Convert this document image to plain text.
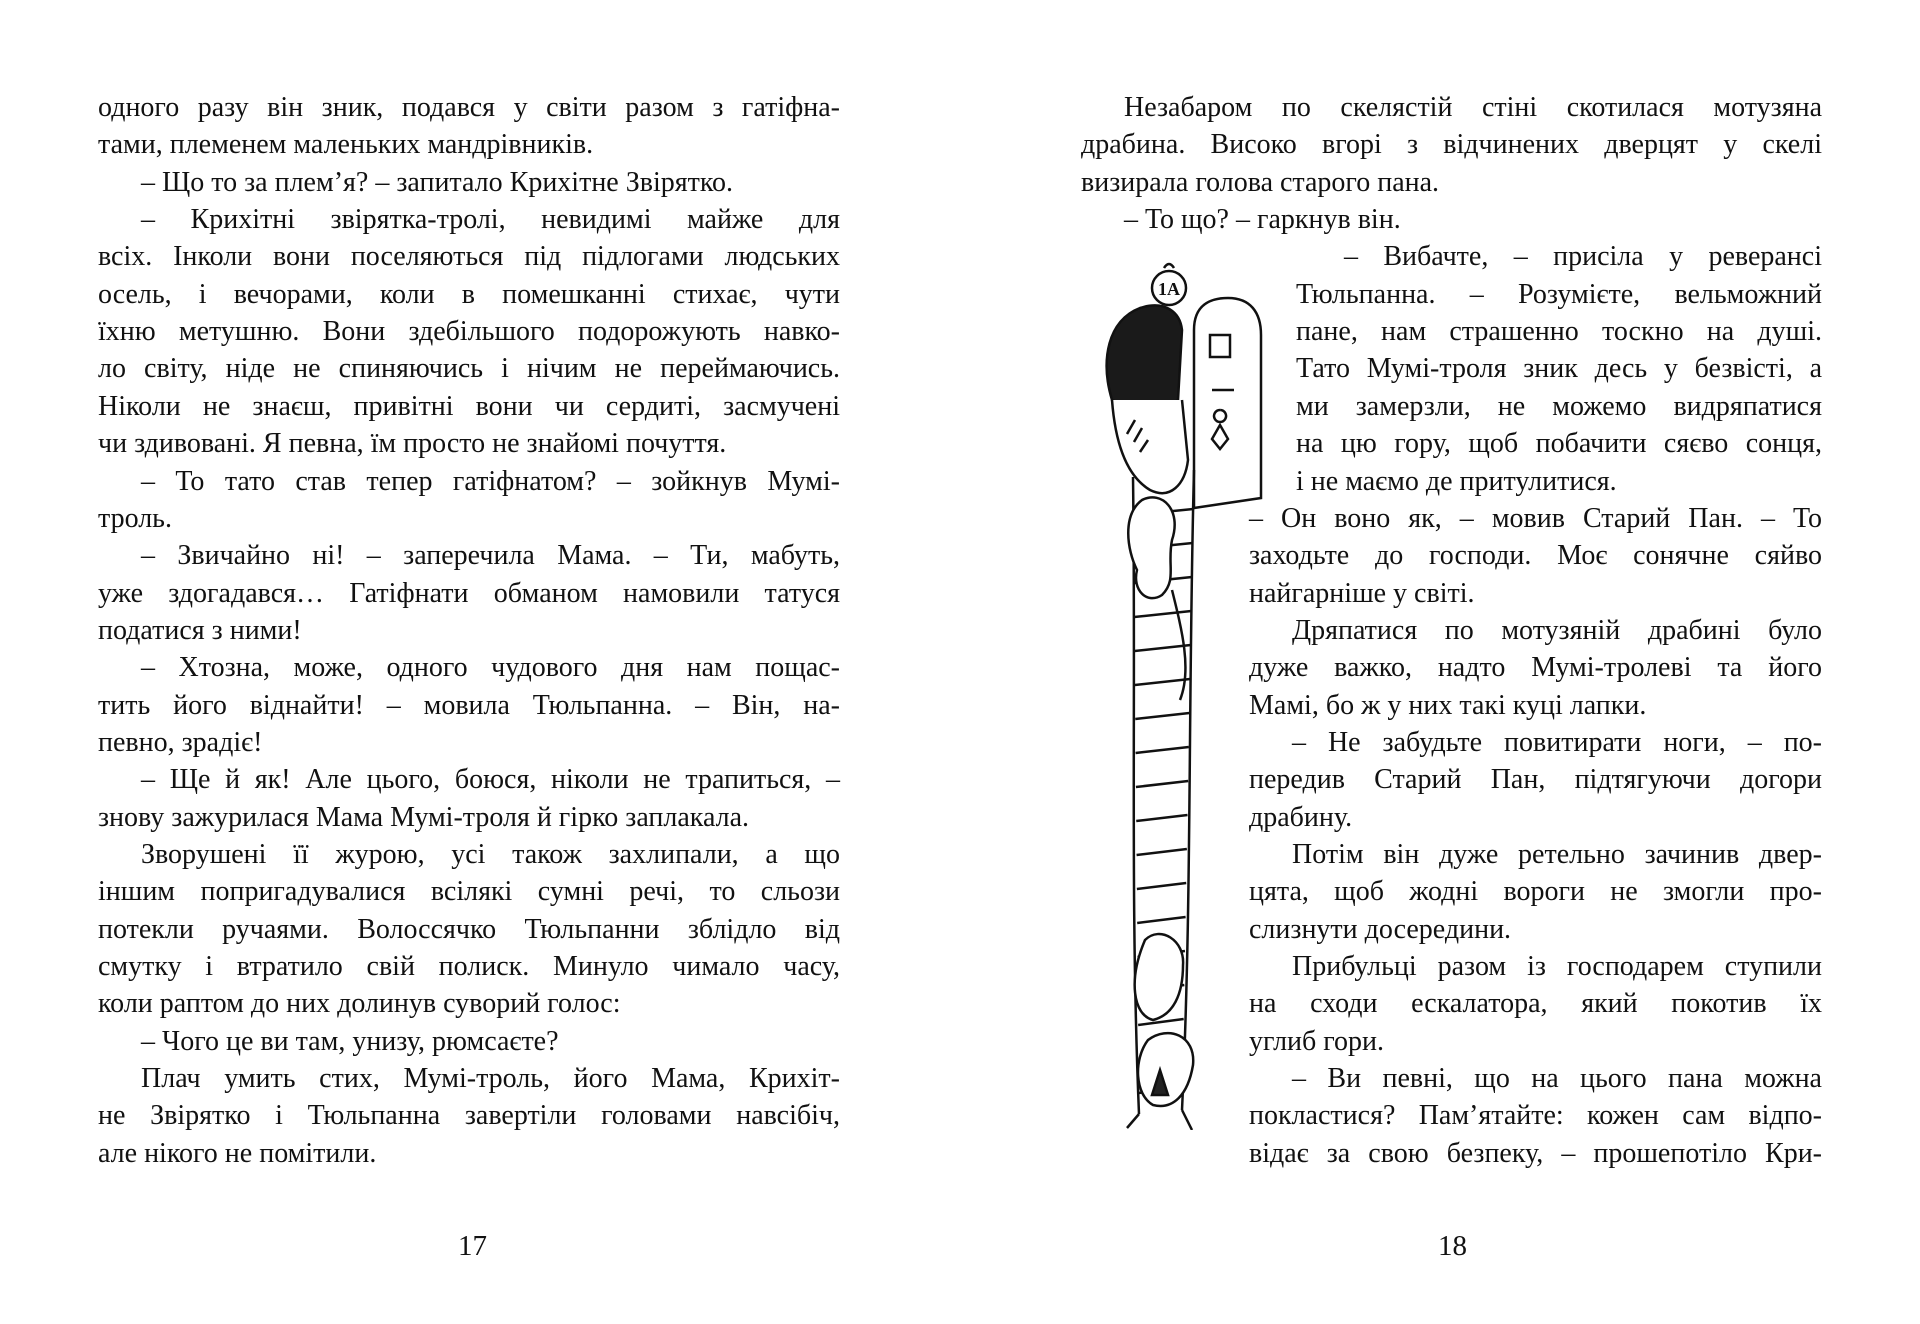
одного разу він зник, подався у світи разом з гатіфна-
тами, племенем маленьких мандрівників.
– Що то за плем’я? – запитало Крихітне Звірятко.
– Крихітні звірятка-тролі, невидимі майже для
всіх. Інколи вони поселяються під підлогами людських
осель, і вечорами, коли в помешканні стихає, чути
їхню метушню. Вони здебільшого подорожують навко-
ло світу, ніде не спиняючись і нічим не переймаючись.
Ніколи не знаєш, привітні вони чи сердиті, засмучені
чи здивовані. Я певна, їм просто не знайомі почуття.
– То тато став тепер гатіфнатом? – зойкнув Мумі-
троль.
– Звичайно ні! – заперечила Мама. – Ти, мабуть,
уже здогадався… Гатіфнати обманом намовили татуся
податися з ними!
– Хтозна, може, одного чудового дня нам пощас-
тить його віднайти! – мовила Тюльпанна. – Він, на-
певно, зрадіє!
– Ще й як! Але цього, боюся, ніколи не трапиться, –
знову зажурилася Мама Мумі-троля й гірко заплакала.
Зворушені її журою, усі також захлипали, а що
іншим попригадувалися всілякі сумні речі, то сльози
потекли ручаями. Волоссячко Тюльпанни зблідло від
смутку і втратило свій полиск. Минуло чимало часу,
коли раптом до них долинув суворий голос:
– Чого це ви там, унизу, рюмсаєте?
Плач умить стих, Мумі-троль, його Мама, Крихіт-
не Звірятко і Тюльпанна завертіли головами навсібіч,
але нікого не помітили.
Незабаром по скелястій стіні скотилася мотузяна
драбина. Високо вгорі з відчинених дверцят у скелі
визирала голова старого пана.
– То що? – гаркнув він.
– Вибачте, – присіла у реверансі
Тюльпанна. – Розумієте, вельможний
пане, нам страшенно тоскно на душі.
Тато Мумі-троля зник десь у безвісті, а
ми замерзли, не можемо видряпатися
на цю гору, щоб побачити сяєво сонця,
і не маємо де притулитися.
– Он воно як, – мовив Старий Пан. – То
заходьте до господи. Моє сонячне сяйво
найгарніше у світі.
Дряпатися по мотузяній драбині було
дуже важко, надто Мумі-тролеві та його
Мамі, бо ж у них такі куці лапки.
– Не забудьте повитирати ноги, – по-
передив Старий Пан, підтягуючи догори
драбину.
Потім він дуже ретельно зачинив двер-
цята, щоб жодні вороги не змогли про-
слизнути досередини.
Прибульці разом із господарем ступили
на сходи ескалатора, який покотив їх
углиб гори.
– Ви певні, що на цього пана можна
покластися? Пам’ятайте: кожен сам відпо-
відає за свою безпеку, – прошепотіло Кри-
17	18
1A
